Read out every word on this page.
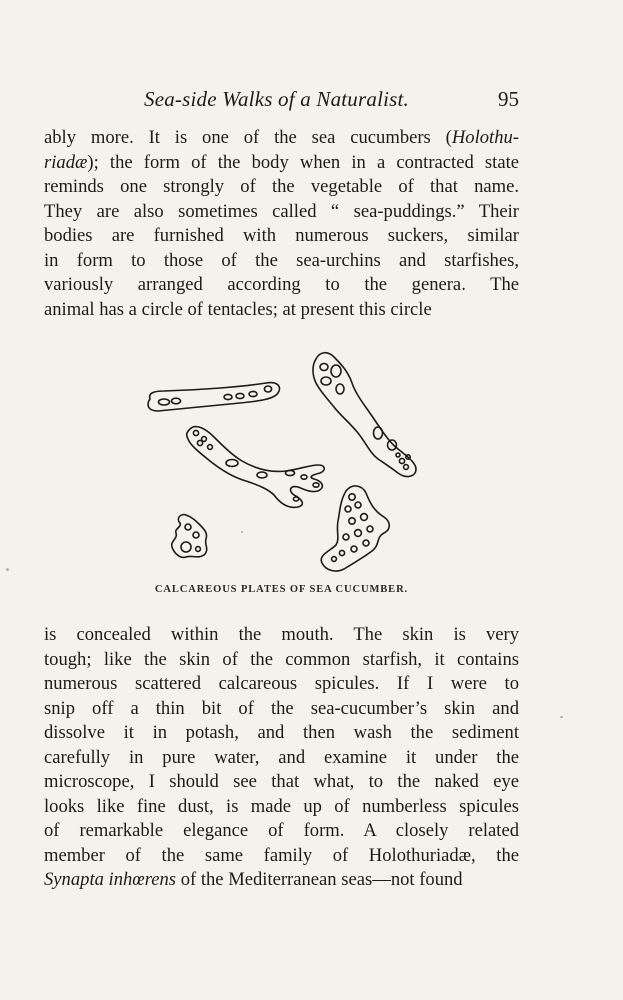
Sea-side Walks of a Naturalist.	95
ably more. It is one of the sea cucumbers (Holothu-
riadæ); the form of the body when in a contracted state
reminds one strongly of the vegetable of that name.
They are also sometimes called “ sea-puddings.” Their
bodies are furnished with numerous suckers, similar
in form to those of the sea-urchins and starfishes,
variously arranged according to the genera. The
animal has a circle of tentacles; at present this circle
CALCAREOUS PLATES OF SEA CUCUMBER.
is concealed within the mouth. The skin is very
tough; like the skin of the common starfish, it contains
numerous scattered calcareous spicules. If I were to
snip off a thin bit of the sea-cucumber’s skin and
dissolve it in potash, and then wash the sediment
carefully in pure water, and examine it under the
microscope, I should see that what, to the naked eye
looks like fine dust, is made up of numberless spicules
of remarkable elegance of form. A closely related
member of the same family of Holothuriadæ, the
Synapta inhœrens of the Mediterranean seas—not found
